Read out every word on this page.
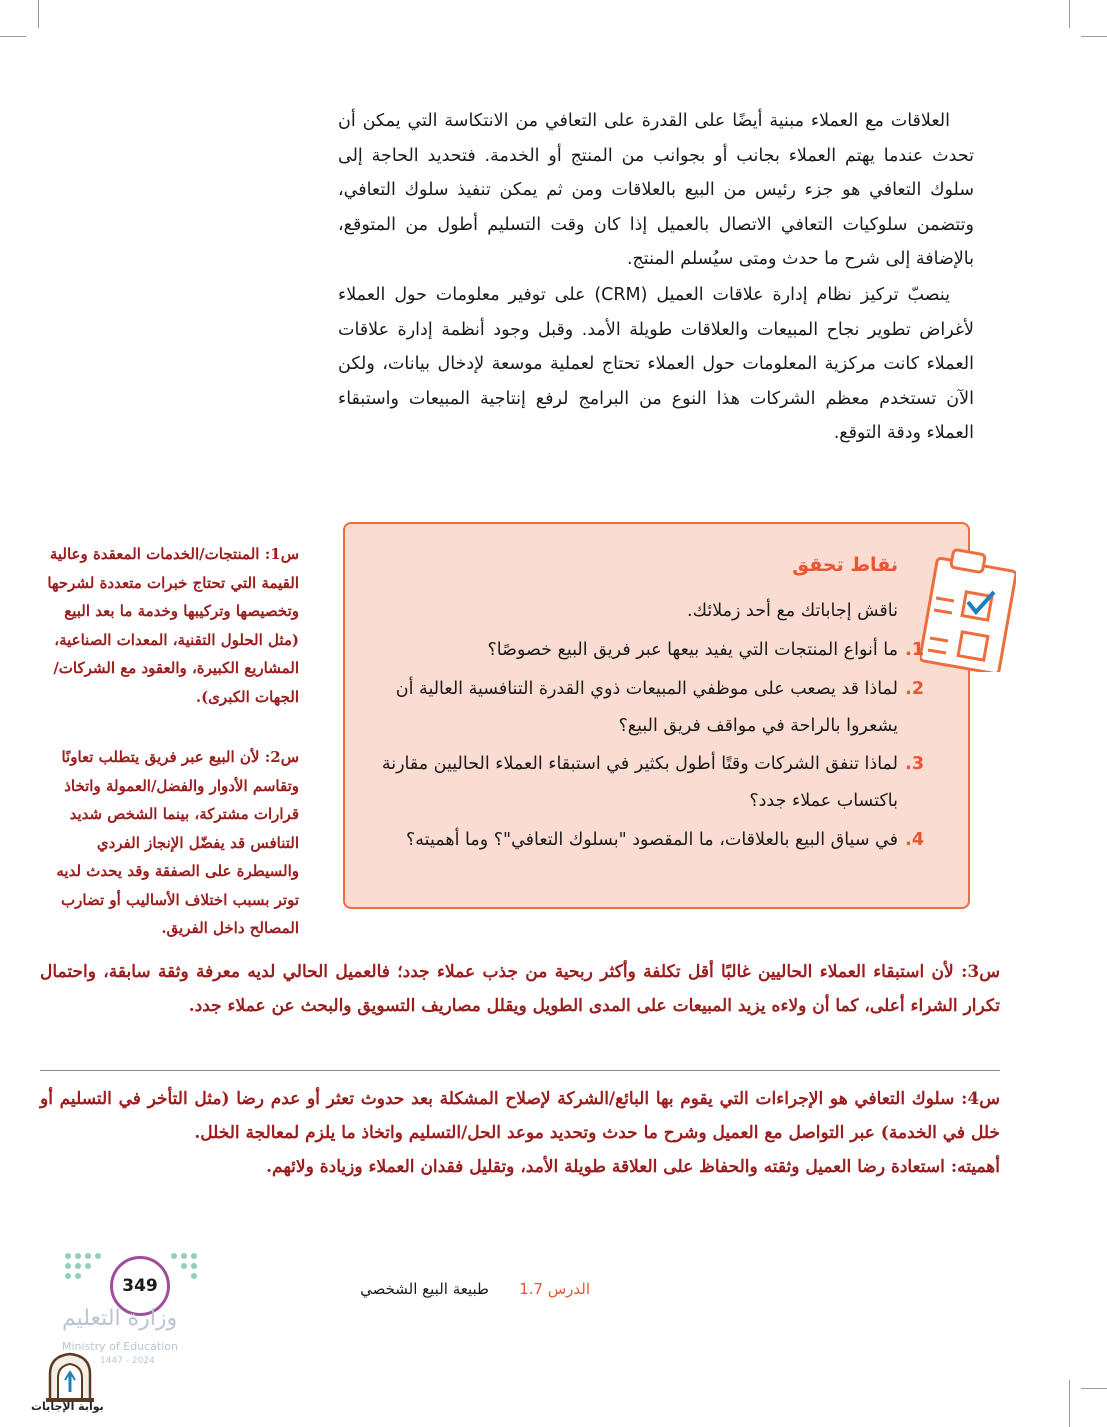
العلاقات مع العملاء مبنية أيضًا على القدرة على التعافي من الانتكاسة التي يمكن أن تحدث عندما يهتم العملاء بجانب أو بجوانب من المنتج أو الخدمة. فتحديد الحاجة إلى سلوك التعافي هو جزء رئيس من البيع بالعلاقات ومن ثم يمكن تنفيذ سلوك التعافي، وتتضمن سلوكيات التعافي الاتصال بالعميل إذا كان وقت التسليم أطول من المتوقع، بالإضافة إلى شرح ما حدث ومتى سيُسلم المنتج.

ينصبّ تركيز نظام إدارة علاقات العميل (CRM) على توفير معلومات حول العملاء لأغراض تطوير نجاح المبيعات والعلاقات طويلة الأمد. وقبل وجود أنظمة إدارة علاقات العملاء كانت مركزية المعلومات حول العملاء تحتاج لعملية موسعة لإدخال بيانات، ولكن الآن تستخدم معظم الشركات هذا النوع من البرامج لرفع إنتاجية المبيعات واستبقاء العملاء ودقة التوقع.

نقاط تحقق

ناقش إجاباتك مع أحد زملائك.

1.
ما أنواع المنتجات التي يفيد بيعها عبر فريق البيع خصوصًا؟
2.
لماذا قد يصعب على موظفي المبيعات ذوي القدرة التنافسية العالية أن يشعروا بالراحة في مواقف فريق البيع؟
3.
لماذا تنفق الشركات وقتًا أطول بكثير في استبقاء العملاء الحاليين مقارنة باكتساب عملاء جدد؟
4.
في سياق البيع بالعلاقات، ما المقصود "بسلوك التعافي"؟ وما أهميته؟

س1: المنتجات/الخدمات المعقدة وعالية القيمة التي تحتاج خبرات متعددة لشرحها وتخصيصها وتركيبها وخدمة ما بعد البيع (مثل الحلول التقنية، المعدات الصناعية، المشاريع الكبيرة، والعقود مع الشركات/الجهات الكبرى).

س2: لأن البيع عبر فريق يتطلب تعاونًا وتقاسم الأدوار والفضل/العمولة واتخاذ قرارات مشتركة، بينما الشخص شديد التنافس قد يفضّل الإنجاز الفردي والسيطرة على الصفقة وقد يحدث لديه توتر بسبب اختلاف الأساليب أو تضارب المصالح داخل الفريق.

س3: لأن استبقاء العملاء الحاليين غالبًا أقل تكلفة وأكثر ربحية من جذب عملاء جدد؛ فالعميل الحالي لديه معرفة وثقة سابقة، واحتمال تكرار الشراء أعلى، كما أن ولاءه يزيد المبيعات على المدى الطويل ويقلل مصاريف التسويق والبحث عن عملاء جدد.

س4: سلوك التعافي هو الإجراءات التي يقوم بها البائع/الشركة لإصلاح المشكلة بعد حدوث تعثر أو عدم رضا (مثل التأخر في التسليم أو خلل في الخدمة) عبر التواصل مع العميل وشرح ما حدث وتحديد موعد الحل/التسليم واتخاذ ما يلزم لمعالجة الخلل.
أهميته: استعادة رضا العميل وثقته والحفاظ على العلاقة طويلة الأمد، وتقليل فقدان العملاء وزيادة ولائهم.

الدرس 1.7
طبيعة البيع الشخصي
349

وزارة التعليم

Ministry of Education

2024 - 1447

بوابة الإجابات
